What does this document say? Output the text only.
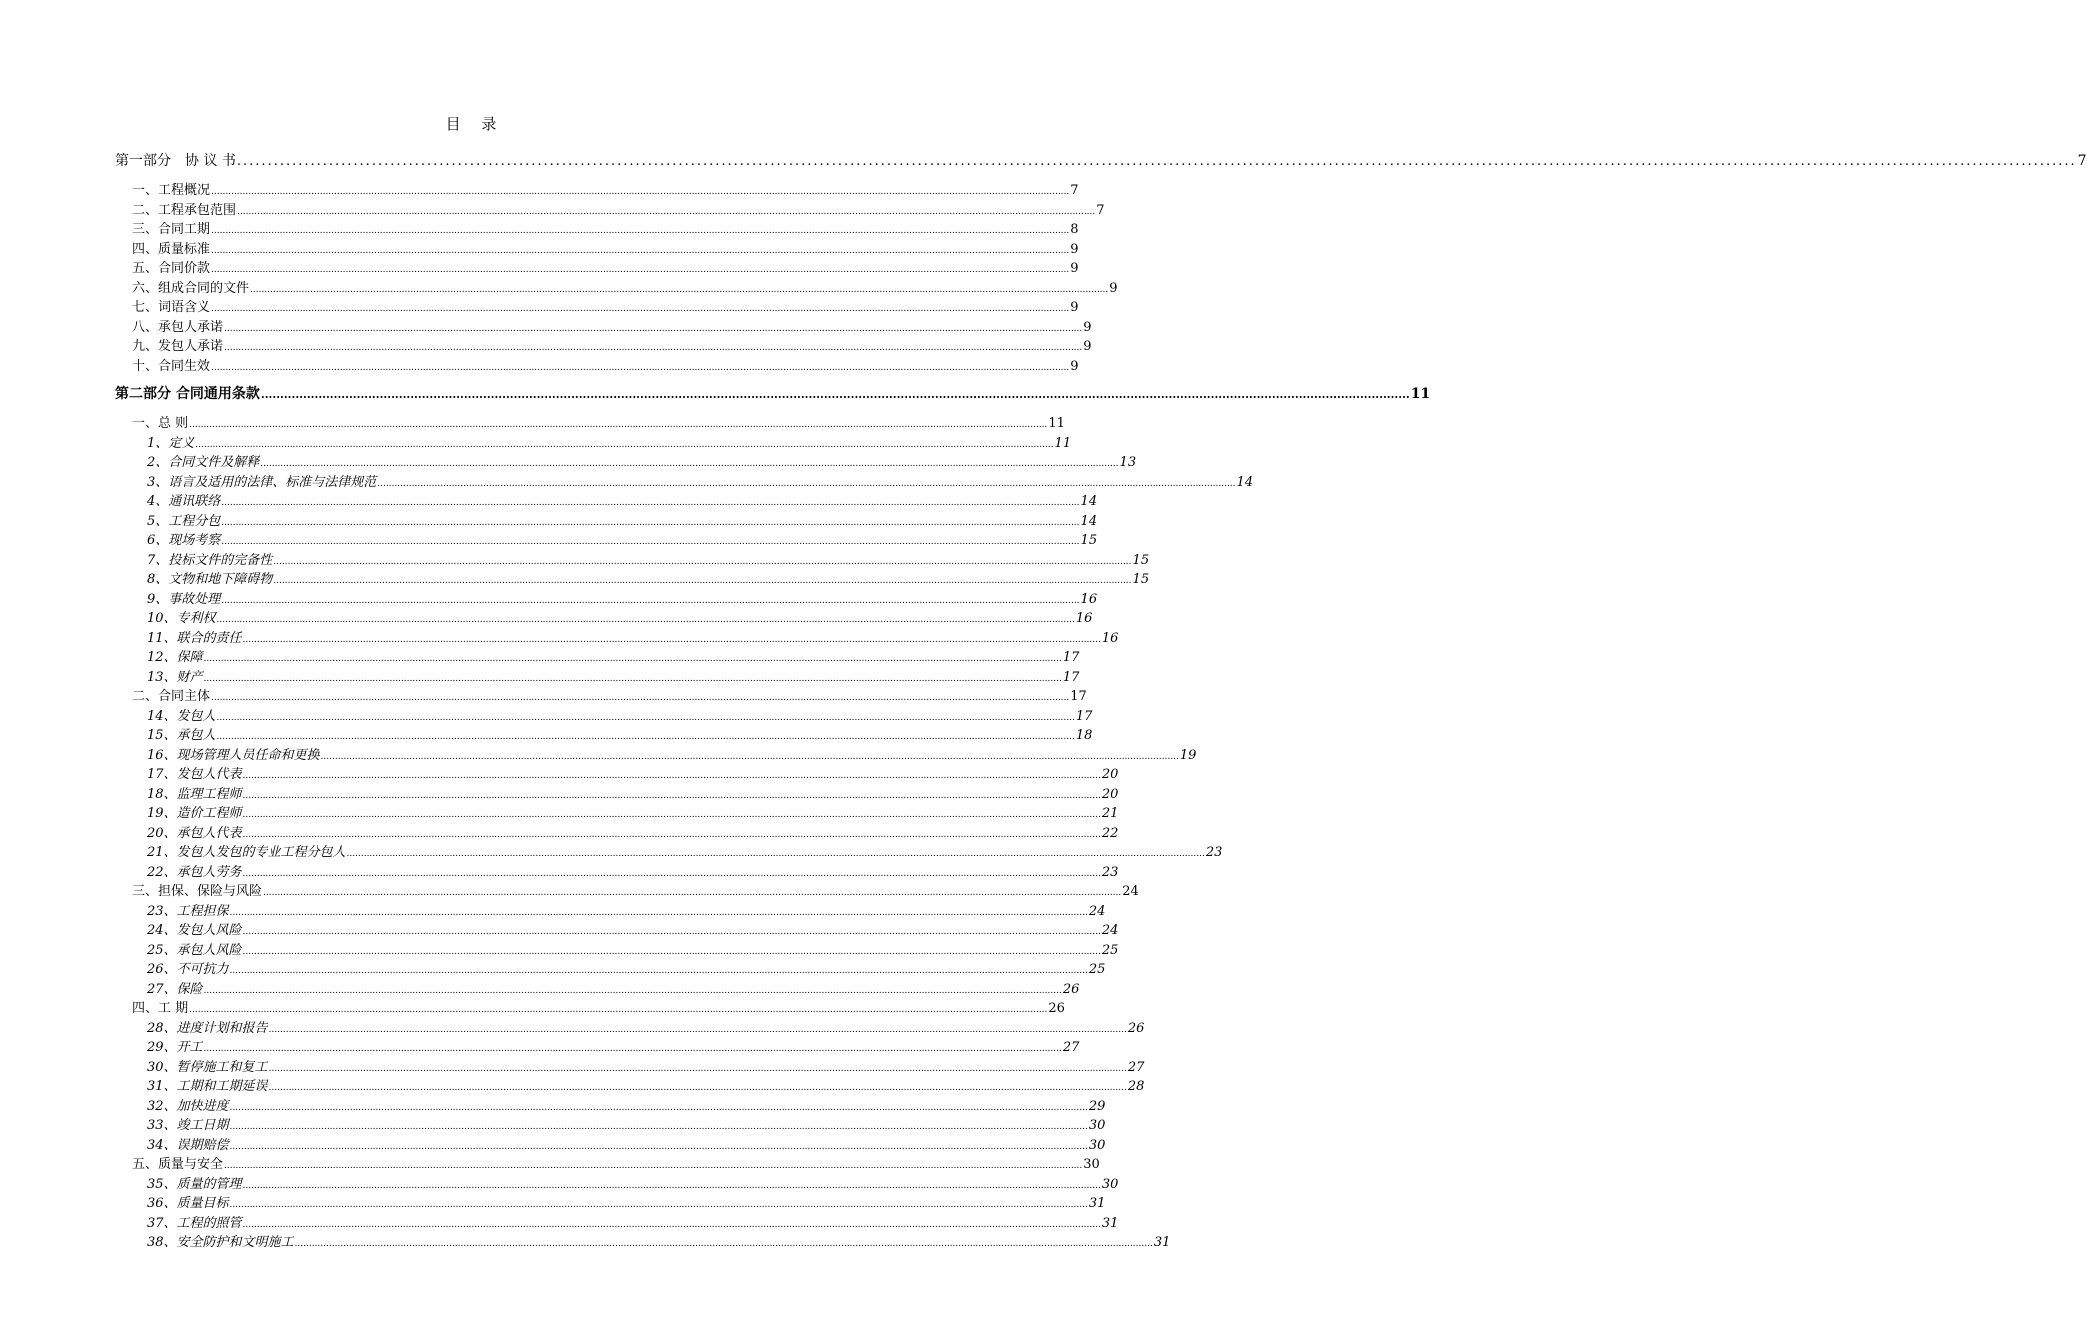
目 录
第一部分　协 议 书 ............................................................................................................................................................................................................................................................................................................ 7
一、工程概况 ............................................................................................................................................................................................................................................................................................................ 7
二、工程承包范围 ............................................................................................................................................................................................................................................................................................................ 7
三、合同工期 ............................................................................................................................................................................................................................................................................................................ 8
四、质量标准 ............................................................................................................................................................................................................................................................................................................ 9
五、合同价款 ............................................................................................................................................................................................................................................................................................................ 9
六、组成合同的文件 ............................................................................................................................................................................................................................................................................................................ 9
七、词语含义 ............................................................................................................................................................................................................................................................................................................ 9
八、承包人承诺 ............................................................................................................................................................................................................................................................................................................ 9
九、发包人承诺 ............................................................................................................................................................................................................................................................................................................ 9
十、合同生效 ............................................................................................................................................................................................................................................................................................................ 9
第二部分 合同通用条款 ............................................................................................................................................................................................................................................................................................................ 11
一、总 则 ............................................................................................................................................................................................................................................................................................................ 11
1、定义 ............................................................................................................................................................................................................................................................................................................ 11
2、合同文件及解释 ............................................................................................................................................................................................................................................................................................................ 13
3、语言及适用的法律、标准与法律规范 ............................................................................................................................................................................................................................................................................................................ 14
4、通讯联络 ............................................................................................................................................................................................................................................................................................................ 14
5、工程分包 ............................................................................................................................................................................................................................................................................................................ 14
6、现场考察 ............................................................................................................................................................................................................................................................................................................ 15
7、投标文件的完备性 ............................................................................................................................................................................................................................................................................................................ 15
8、文物和地下障碍物 ............................................................................................................................................................................................................................................................................................................ 15
9、事故处理 ............................................................................................................................................................................................................................................................................................................ 16
10、专利权 ............................................................................................................................................................................................................................................................................................................ 16
11、联合的责任 ............................................................................................................................................................................................................................................................................................................ 16
12、保障 ............................................................................................................................................................................................................................................................................................................ 17
13、财产 ............................................................................................................................................................................................................................................................................................................ 17
二、合同主体 ............................................................................................................................................................................................................................................................................................................ 17
14、发包人 ............................................................................................................................................................................................................................................................................................................ 17
15、承包人 ............................................................................................................................................................................................................................................................................................................ 18
16、现场管理人员任命和更换 ............................................................................................................................................................................................................................................................................................................ 19
17、发包人代表 ............................................................................................................................................................................................................................................................................................................ 20
18、监理工程师 ............................................................................................................................................................................................................................................................................................................ 20
19、造价工程师 ............................................................................................................................................................................................................................................................................................................ 21
20、承包人代表 ............................................................................................................................................................................................................................................................................................................ 22
21、发包人发包的专业工程分包人 ............................................................................................................................................................................................................................................................................................................ 23
22、承包人劳务 ............................................................................................................................................................................................................................................................................................................ 23
三、担保、保险与风险 ............................................................................................................................................................................................................................................................................................................ 24
23、工程担保 ............................................................................................................................................................................................................................................................................................................ 24
24、发包人风险 ............................................................................................................................................................................................................................................................................................................ 24
25、承包人风险 ............................................................................................................................................................................................................................................................................................................ 25
26、不可抗力 ............................................................................................................................................................................................................................................................................................................ 25
27、保险 ............................................................................................................................................................................................................................................................................................................ 26
四、工 期 ............................................................................................................................................................................................................................................................................................................ 26
28、进度计划和报告 ............................................................................................................................................................................................................................................................................................................ 26
29、开工 ............................................................................................................................................................................................................................................................................................................ 27
30、暂停施工和复工 ............................................................................................................................................................................................................................................................................................................ 27
31、工期和工期延误 ............................................................................................................................................................................................................................................................................................................ 28
32、加快进度 ............................................................................................................................................................................................................................................................................................................ 29
33、竣工日期 ............................................................................................................................................................................................................................................................................................................ 30
34、误期赔偿 ............................................................................................................................................................................................................................................................................................................ 30
五、质量与安全 ............................................................................................................................................................................................................................................................................................................ 30
35、质量的管理 ............................................................................................................................................................................................................................................................................................................ 30
36、质量目标 ............................................................................................................................................................................................................................................................................................................ 31
37、工程的照管 ............................................................................................................................................................................................................................................................................................................ 31
38、安全防护和文明施工 ............................................................................................................................................................................................................................................................................................................ 31
